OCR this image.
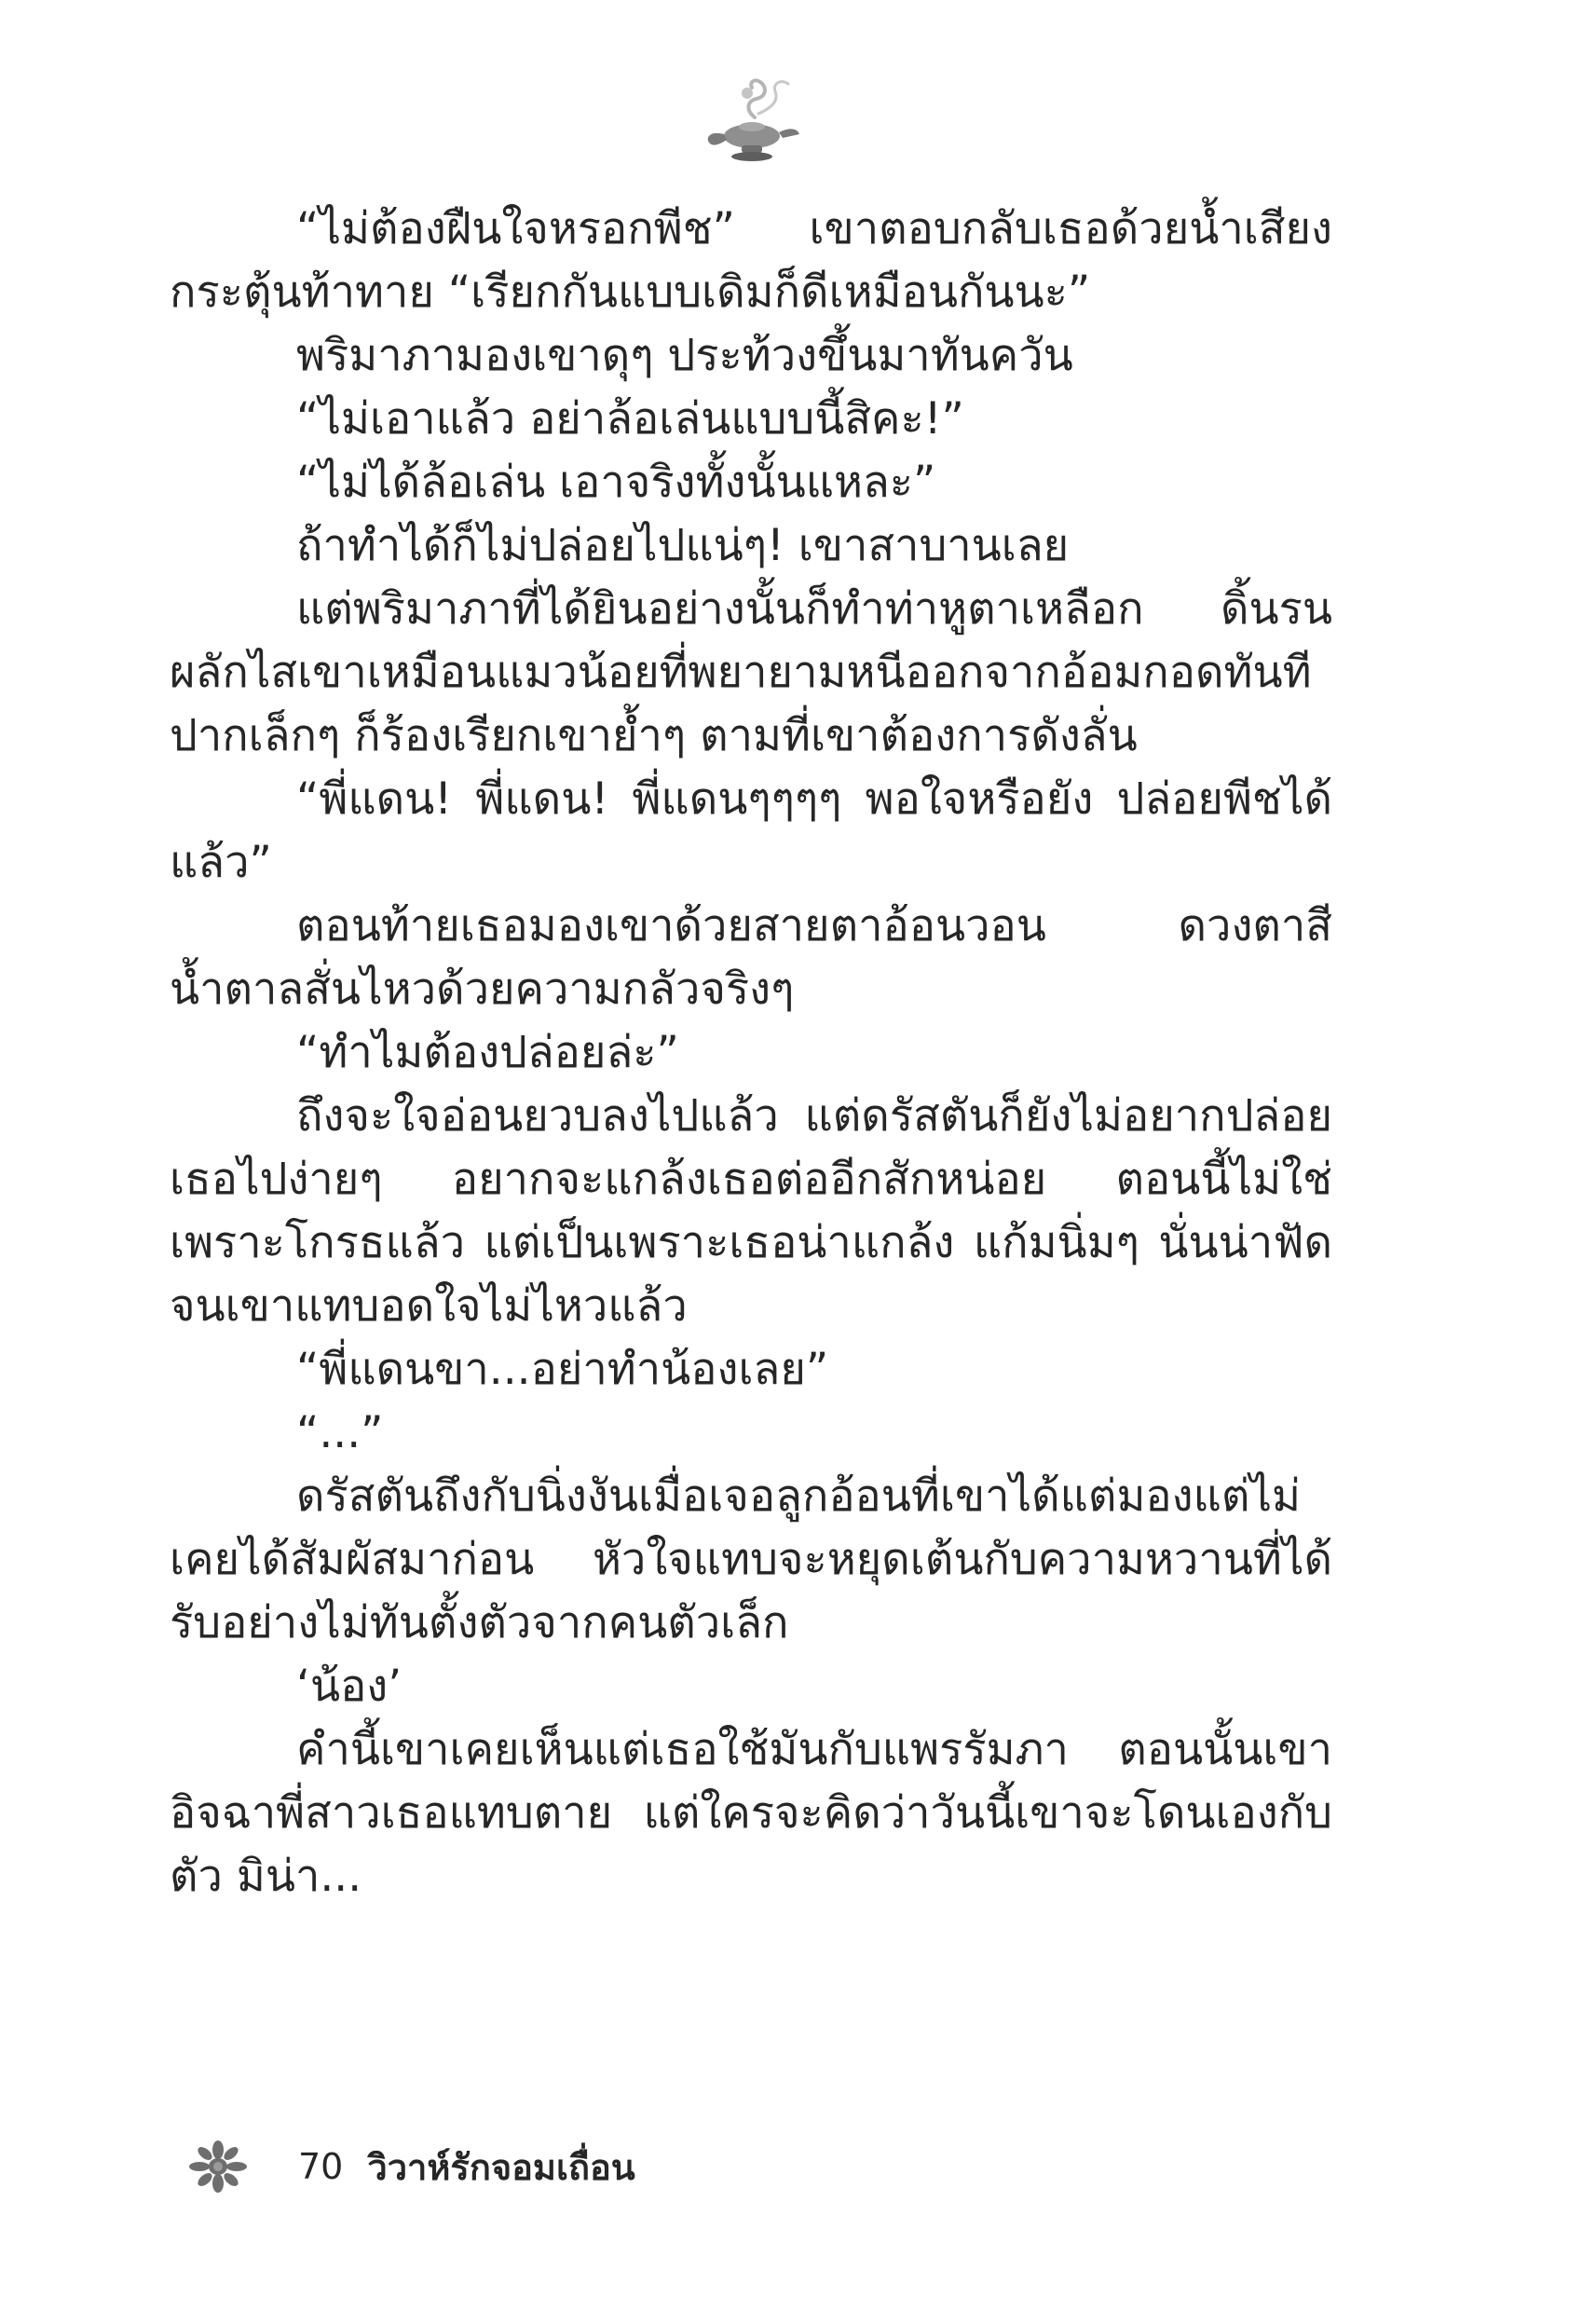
“ไม่ต้องฝืนใจหรอกพีช” เขาตอบกลับเธอด้วยน้ำเสียงกระตุ้นท้าทาย “เรียกกันแบบเดิมก็ดีเหมือนกันนะ”

พริมาภามองเขาดุๆ ประท้วงขึ้นมาทันควัน

“ไม่เอาแล้ว อย่าล้อเล่นแบบนี้สิคะ!”

“ไม่ได้ล้อเล่น เอาจริงทั้งนั้นแหละ”

ถ้าทำได้ก็ไม่ปล่อยไปแน่ๆ! เขาสาบานเลย

แต่พริมาภาที่ได้ยินอย่างนั้นก็ทำท่าหูตาเหลือก ดิ้นรนผลักไสเขาเหมือนแมวน้อยที่พยายามหนีออกจากอ้อมกอดทันที ปากเล็กๆ ก็ร้องเรียกเขาย้ำๆ ตามที่เขาต้องการดังลั่น

“พี่แดน! พี่แดน! พี่แดนๆๆๆๆ พอใจหรือยัง ปล่อยพีชได้แล้ว”

ตอนท้ายเธอมองเขาด้วยสายตาอ้อนวอน ดวงตาสีน้ำตาลสั่นไหวด้วยความกลัวจริงๆ

“ทำไมต้องปล่อยล่ะ”

ถึงจะใจอ่อนยวบลงไปแล้ว แต่ดรัสตันก็ยังไม่อยากปล่อยเธอไปง่ายๆ อยากจะแกล้งเธอต่ออีกสักหน่อย ตอนนี้ไม่ใช่เพราะโกรธแล้ว แต่เป็นเพราะเธอน่าแกล้ง แก้มนิ่มๆ นั่นน่าฟัดจนเขาแทบอดใจไม่ไหวแล้ว

“พี่แดนขา...อย่าทำน้องเลย”

“...”

ดรัสตันถึงกับนิ่งงันเมื่อเจอลูกอ้อนที่เขาได้แต่มองแต่ไม่เคยได้สัมผัสมาก่อน หัวใจแทบจะหยุดเต้นกับความหวานที่ได้รับอย่างไม่ทันตั้งตัวจากคนตัวเล็ก

‘น้อง’

คำนี้เขาเคยเห็นแต่เธอใช้มันกับแพรรัมภา ตอนนั้นเขาอิจฉาพี่สาวเธอแทบตาย แต่ใครจะคิดว่าวันนี้เขาจะโดนเองกับตัว มิน่า...

70 วิวาห์รักจอมเถื่อน
